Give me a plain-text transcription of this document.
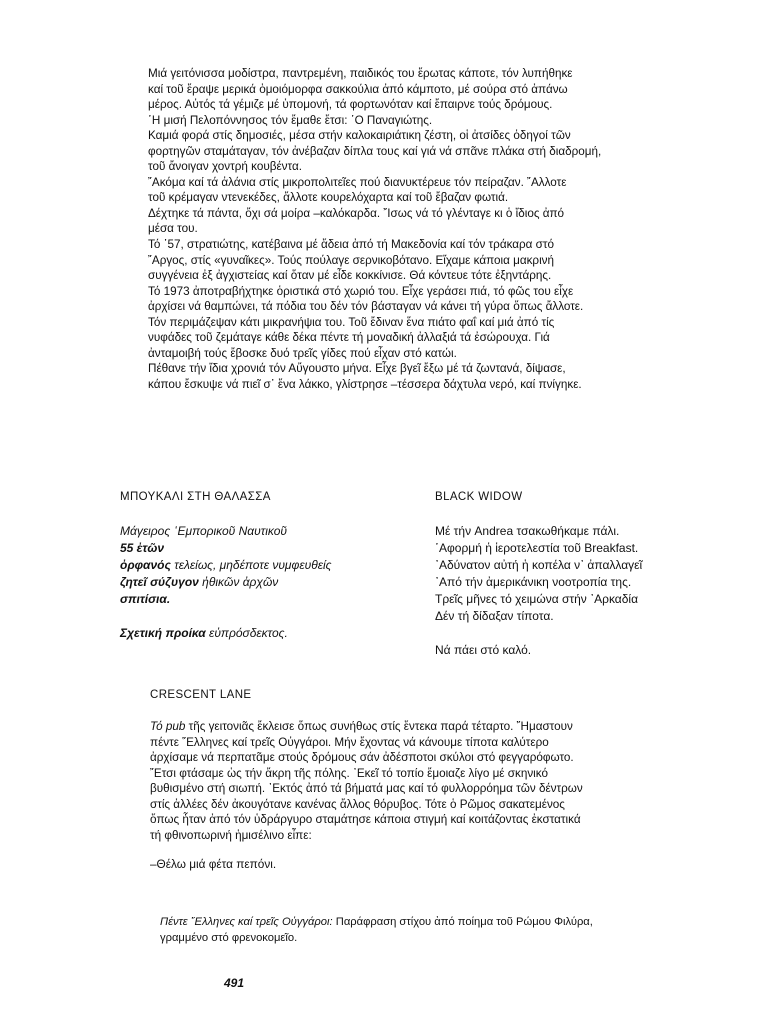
Μιά γειτόνισσα μοδίστρα, παντρεμένη, παιδικός του ἔρωτας κάποτε, τόν λυπήθηκε
καί τοῦ ἔραψε μερικά ὁμοιόμορφα σακκούλια ἀπό κάμποτο, μέ σούρα στό ἀπάνω
μέρος. Αὐτός τά γέμιζε μέ ὑπομονή, τά φορτωνόταν καί ἔπαιρνε τούς δρόμους.
῾Η μισή Πελοπόννησος τόν ἔμαθε ἔτσι: ῾Ο Παναγιώτης.
Καμιά φορά στίς δημοσιές, μέσα στήν καλοκαιριάτικη ζέστη, οἱ ἀτσίδες ὁδηγοί τῶν
φορτηγῶν σταμάταγαν, τόν ἀνέβαζαν δίπλα τους καί γιά νά σπᾶνε πλάκα στή διαδρομή,
τοῦ ἄνοιγαν χοντρή κουβέντα.
῎Ακόμα καί τά ἀλάνια στίς μικροπολιτεῖες πού διανυκτέρευε τόν πείραζαν. ῎Αλλοτε
τοῦ κρέμαγαν ντενεκέδες, ἄλλοτε κουρελόχαρτα καί τοῦ ἔβαζαν φωτιά.
Δέχτηκε τά πάντα, ὄχι σά μοίρα –καλόκαρδα. ῎Ισως νά τό γλένταγε κι ὁ ἴδιος ἀπό
μέσα του.
Τό ῾57, στρατιώτης, κατέβαινα μέ ἄδεια ἀπό τή Μακεδονία καί τόν τράκαρα στό
῎Αργος, στίς «γυναῖκες». Τούς πούλαγε σερνικοβότανο. Εἴχαμε κάποια μακρινή
συγγένεια ἐξ ἀγχιστείας καί ὅταν μέ εἶδε κοκκίνισε. Θά κόντευε τότε ἐξηντάρης.
Τό 1973 ἀποτραβήχτηκε ὁριστικά στό χωριό του. Εἶχε γεράσει πιά, τό φῶς του εἶχε
ἀρχίσει νά θαμπώνει, τά πόδια του δέν τόν βάσταγαν νά κάνει τή γύρα ὅπως ἄλλοτε.
Τόν περιμάζεψαν κάτι μικρανήψια του. Τοῦ ἔδιναν ἕνα πιάτο φαΐ καί μιά ἀπό τίς
νυφάδες τοῦ ζεμάταγε κάθε δέκα πέντε τή μοναδική ἀλλαξιά τά ἐσώρουχα. Γιά
ἀνταμοιβή τούς ἔβοσκε δυό τρεῖς γίδες πού εἶχαν στό κατώι.
Πέθανε τήν ἴδια χρονιά τόν Αὔγουστο μήνα. Εἶχε βγεῖ ἔξω μέ τά ζωντανά, δίψασε,
κάπου ἔσκυψε νά πιεῖ σ᾿ ἕνα λάκκο, γλίστρησε –τέσσερα δάχτυλα νερό, καί πνίγηκε.

ΜΠΟΥΚΑΛΙ ΣΤΗ ΘΑΛΑΣΣΑ

Μάγειρος ῾Εμπορικοῦ Ναυτικοῦ

55 ἐτῶν

ὀρφανός τελείως, μηδέποτε νυμφευθείς

ζητεῖ σύζυγον ἠθικῶν ἀρχῶν

σπιτίσια.

Σχετική προίκα εὐπρόσδεκτος.

BLACK WIDOW

Μέ τήν Andrea τσακωθήκαμε πάλι.

῾Αφορμή ἡ ἱεροτελεστία τοῦ Breakfast.

᾿Αδύνατον αὐτή ἡ κοπέλα ν᾿ ἀπαλλαγεῖ

᾿Από τήν ἀμερικάνικη νοοτροπία της.

Τρεῖς μῆνες τό χειμώνα στήν ᾿Αρκαδία

Δέν τή δίδαξαν τίποτα.

Νά πάει στό καλό.

CRESCENT LANE

Τό pub τῆς γειτονιᾶς ἔκλεισε ὅπως συνήθως στίς ἕντεκα παρά τέταρτο. ῞Ημαστουν
πέντε ῞Ελληνες καί τρεῖς Οὐγγάροι. Μήν ἔχοντας νά κάνουμε τίποτα καλύτερο
ἀρχίσαμε νά περπατᾶμε στούς δρόμους σάν ἀδέσποτοι σκύλοι στό φεγγαρόφωτο.
῎Ετσι φτάσαμε ὡς τήν ἄκρη τῆς πόλης. ᾿Εκεῖ τό τοπίο ἔμοιαζε λίγο μέ σκηνικό
βυθισμένο στή σιωπή. ᾿Εκτός ἀπό τά βήματά μας καί τό φυλλορρόημα τῶν δέντρων
στίς ἀλλέες δέν ἀκουγότανε κανένας ἄλλος θόρυβος. Τότε ὁ Ρῶμος σακατεμένος
ὅπως ἦταν ἀπό τόν ὑδράργυρο σταμάτησε κάποια στιγμή καί κοιτάζοντας ἐκστατικά
τή φθινοπωρινή ἡμισέλινο εἶπε:

–Θέλω μιά φέτα πεπόνι.

Πέντε ῞Ελληνες καί τρεῖς Οὐγγάροι: Παράφραση στίχου ἀπό ποίημα τοῦ Ρώμου Φιλύρα,
γραμμένο στό φρενοκομεῖο.

491
